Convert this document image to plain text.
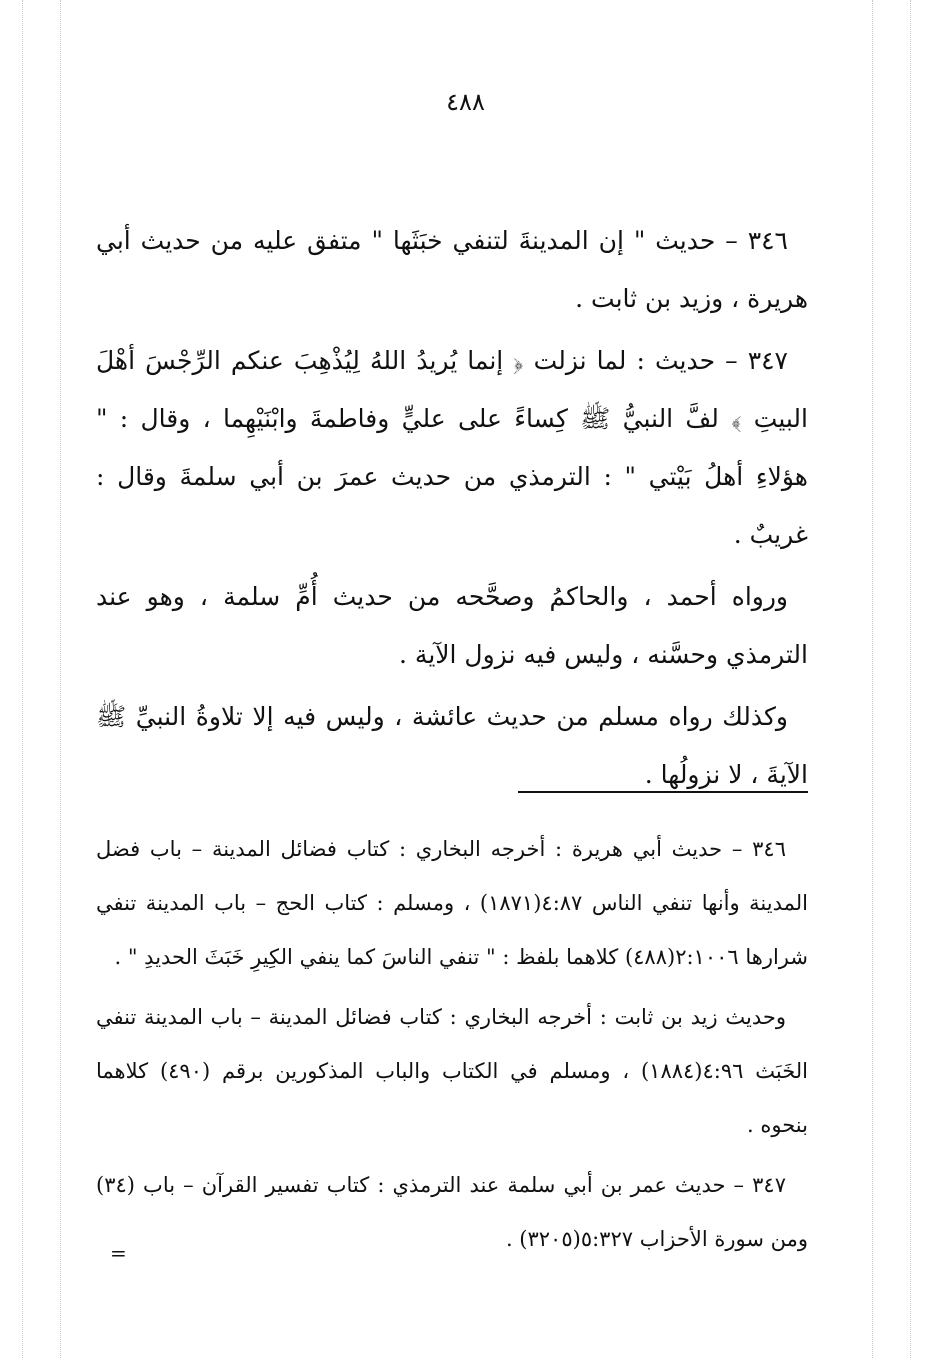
٤٨٨

٣٤٦ – حديث " إن المدينةَ لتنفي خبَثَها " متفق عليه من حديث أبي هريرة ، وزيد بن ثابت .

٣٤٧ – حديث : لما نزلت ﴿ إنما يُريدُ اللهُ لِيُذْهِبَ عنكم الرِّجْسَ أهْلَ البيتِ ﴾ لفَّ النبيُّ ﷺ كِساءً على عليٍّ وفاطمةَ وابْنَيْهِما ، وقال : " هؤلاءِ أهلُ بَيْتي " : الترمذي من حديث عمرَ بن أبي سلمةَ وقال : غريبٌ .

ورواه أحمد ، والحاكمُ وصحَّحه من حديث أُمِّ سلمة ، وهو عند الترمذي وحسَّنه ، وليس فيه نزول الآية .

وكذلك رواه مسلم من حديث عائشة ، وليس فيه إلا تلاوةُ النبيِّ ﷺ الآيةَ ، لا نزولُها .

٣٤٦ – حديث أبي هريرة : أخرجه البخاري : كتاب فضائل المدينة – باب فضل المدينة وأنها تنفي الناس ٤:٨٧(١٨٧١) ، ومسلم : كتاب الحج – باب المدينة تنفي شرارها ٢:١٠٠٦(٤٨٨) كلاهما بلفظ : " تنفي الناسَ كما ينفي الكِيرِ خَبَثَ الحديدِ " .

وحديث زيد بن ثابت : أخرجه البخاري : كتاب فضائل المدينة – باب المدينة تنفي الخَبَث ٤:٩٦(١٨٨٤) ، ومسلم في الكتاب والباب المذكورين برقم (٤٩٠) كلاهما بنحوه .

٣٤٧ – حديث عمر بن أبي سلمة عند الترمذي : كتاب تفسير القرآن – باب (٣٤) ومن سورة الأحزاب ٥:٣٢٧(٣٢٠٥) .

=
